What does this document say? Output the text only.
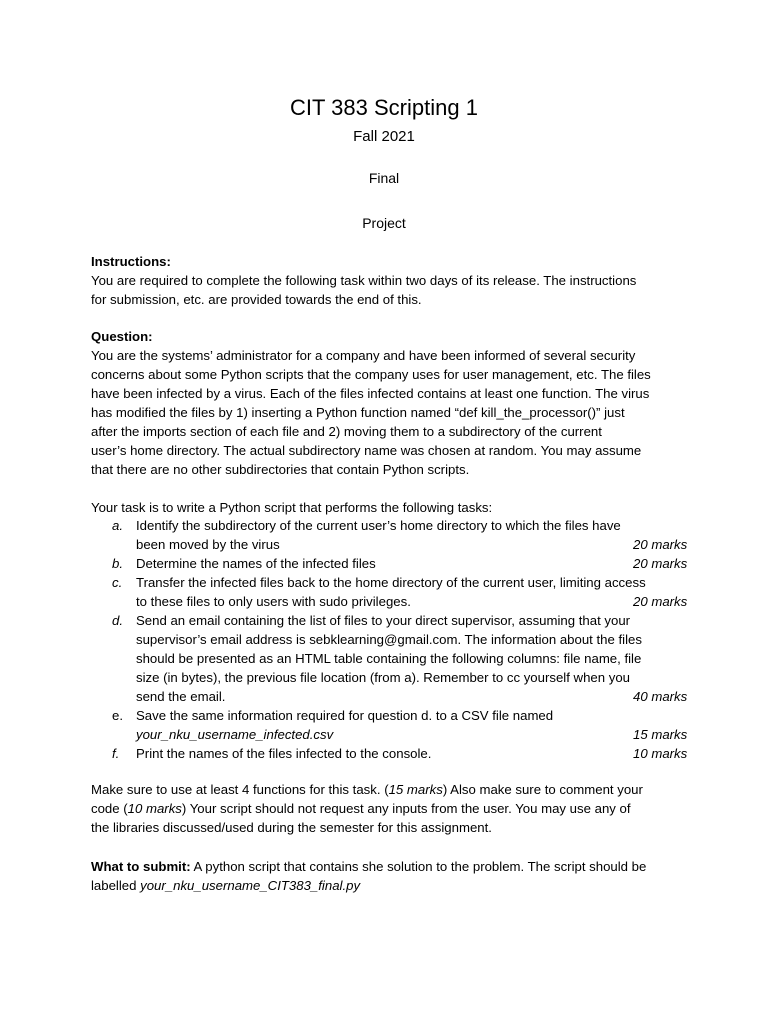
CIT 383 Scripting 1
Fall 2021
Final
Project
Instructions:
You are required to complete the following task within two days of its release. The instructions
for submission, etc. are provided towards the end of this.
Question:
You are the systems’ administrator for a company and have been informed of several security
concerns about some Python scripts that the company uses for user management, etc. The files
have been infected by a virus. Each of the files infected contains at least one function. The virus
has modified the files by 1) inserting a Python function named “def kill_the_processor()” just
after the imports section of each file and 2) moving them to a subdirectory of the current
user’s home directory. The actual subdirectory name was chosen at random. You may assume
that there are no other subdirectories that contain Python scripts.
Your task is to write a Python script that performs the following tasks:
a. Identify the subdirectory of the current user’s home directory to which the files have
been moved by the virus	20 marks
b. Determine the names of the infected files	20 marks
c.	Transfer the infected files back to the home directory of the current user, limiting access
to these files to only users with sudo privileges.	20 marks
d. Send an email containing the list of files to your direct supervisor, assuming that your
supervisor’s email address is sebklearning@gmail.com. The information about the files
should be presented as an HTML table containing the following columns: file name, file
size (in bytes), the previous file location (from a). Remember to cc yourself when you
send the email.	40 marks
e. Save the same information required for question d. to a CSV file named
your_nku_username_infected.csv	15 marks
f.	Print the names of the files infected to the console.	10 marks
Make sure to use at least 4 functions for this task. (15 marks) Also make sure to comment your
code (10 marks) Your script should not request any inputs from the user. You may use any of
the libraries discussed/used during the semester for this assignment.
What to submit: A python script that contains she solution to the problem. The script should be
labelled your_nku_username_CIT383_final.py
